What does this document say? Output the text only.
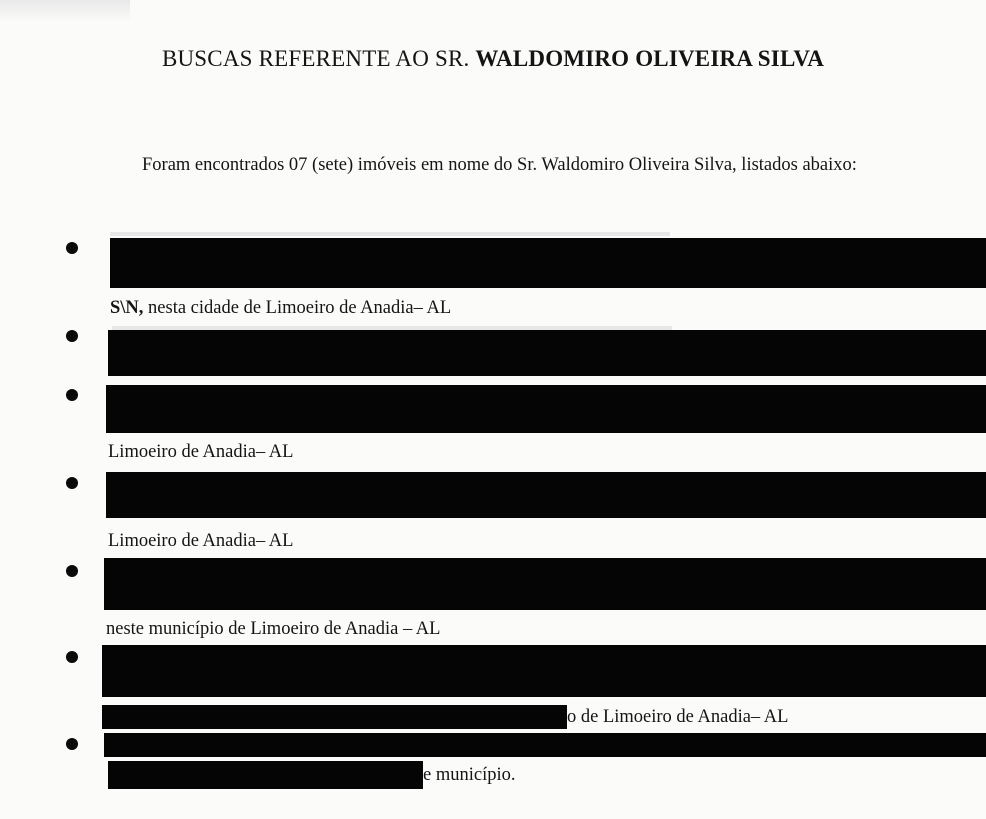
BUSCAS REFERENTE AO SR. WALDOMIRO OLIVEIRA SILVA

Foram encontrados 07 (sete) imóveis em nome do Sr. Waldomiro Oliveira Silva, listados abaixo:

S\N, nesta cidade de Limoeiro de Anadia– AL
Limoeiro de Anadia– AL
Limoeiro de Anadia– AL
neste município de Limoeiro de Anadia – AL
o de Limoeiro de Anadia– AL
e município.
